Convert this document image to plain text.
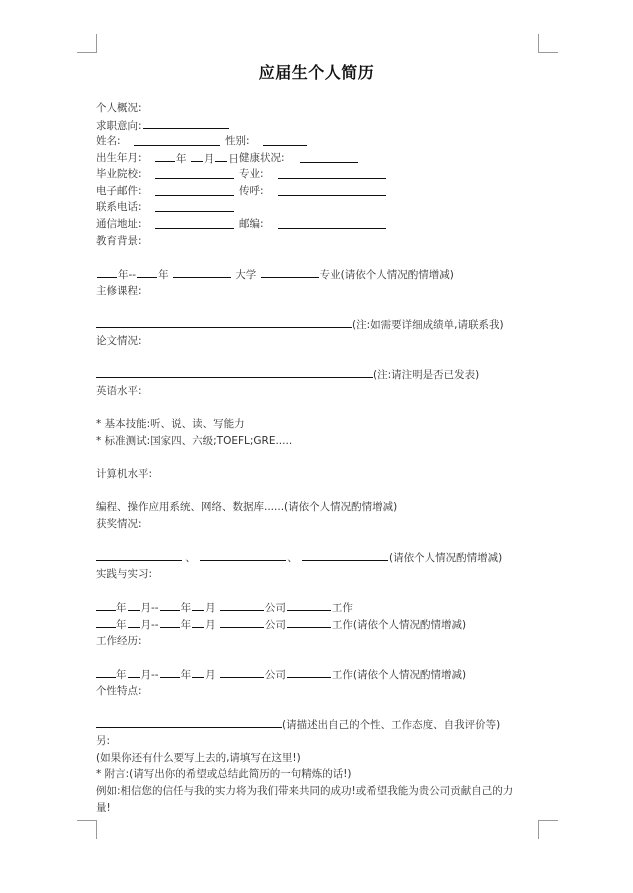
应届生个人简历
个人概况:
求职意向:
姓名:	性别:
出生年月:	年 月 日 健康状况:
毕业院校:	专业:
电子邮件:	传呼:
联系电话:
通信地址:	邮编:
教育背景:
年-- 年	大学	专业(请依个人情况酌情增减)
主修课程:
(注:如需要详细成绩单,请联系我)
论文情况:
(注:请注明是否已发表)
英语水平:
* 基本技能:听、说、读、写能力
* 标准测试:国家四、六级;TOEFL;GRE.....
计算机水平:
编程、操作应用系统、网络、数据库......(请依个人情况酌情增减)
获奖情况:
、	、	(请依个人情况酌情增减)
实践与实习:
年 月-- 年 月	公司	工作
年 月-- 年 月	公司	工作(请依个人情况酌情增减)
工作经历:
年 月-- 年 月	公司	工作(请依个人情况酌情增减)
个性特点:
(请描述出自己的个性、工作态度、自我评价等)
另:
(如果你还有什么要写上去的,请填写在这里!)
* 附言:(请写出你的希望或总结此简历的一句精炼的话!)
例如:相信您的信任与我的实力将为我们带来共同的成功!或希望我能为贵公司贡献自己的力
量!
